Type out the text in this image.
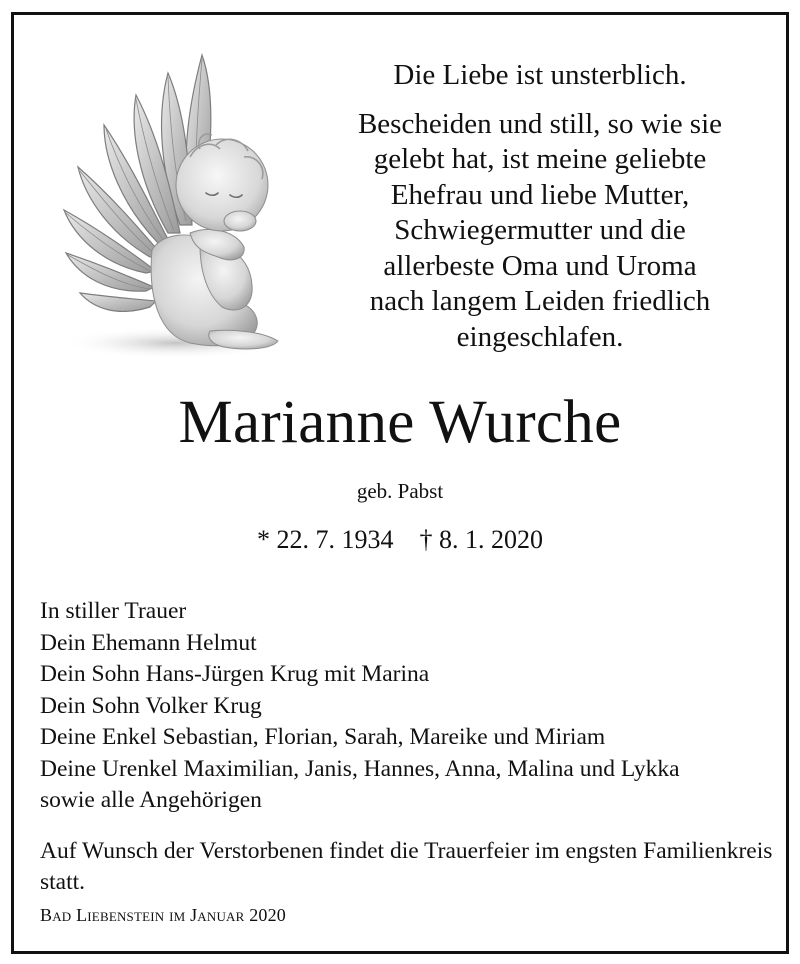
Die Liebe ist unsterblich.
Bescheiden und still, so wie sie
gelebt hat, ist meine geliebte
Ehefrau und liebe Mutter,
Schwiegermutter und die
allerbeste Oma und Uroma
nach langem Leiden friedlich
eingeschlafen.
Marianne Wurche
geb. Pabst
* 22. 7. 1934 † 8. 1. 2020
In stiller Trauer
Dein Ehemann Helmut
Dein Sohn Hans-Jürgen Krug mit Marina
Dein Sohn Volker Krug
Deine Enkel Sebastian, Florian, Sarah, Mareike und Miriam
Deine Urenkel Maximilian, Janis, Hannes, Anna, Malina und Lykka
sowie alle Angehörigen
Auf Wunsch der Verstorbenen findet die Trauerfeier im engsten Familienkreis statt.
Bad Liebenstein im Januar 2020
